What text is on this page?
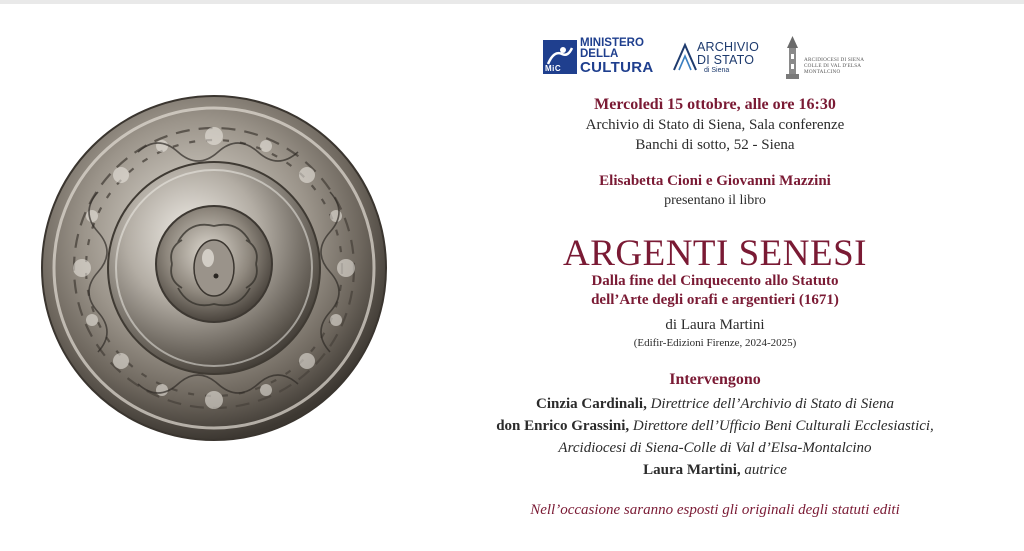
MiC
MINISTERO
DELLA
CULTURA
ARCHIVIO
DI STATO
di Siena
ARCIDIOCESI DI SIENA
COLLE DI VAL D'ELSA
MONTALCINO
Mercoledì 15 ottobre, alle ore 16:30
Archivio di Stato di Siena, Sala conferenze
Banchi di sotto, 52 - Siena
Elisabetta Cioni e Giovanni Mazzini
presentano il libro
ARGENTI SENESI
Dalla fine del Cinquecento allo Statuto
dell’Arte degli orafi e argentieri (1671)
di Laura Martini
(Edifir-Edizioni Firenze, 2024-2025)
Intervengono
Cinzia Cardinali, Direttrice dell’Archivio di Stato di Siena
don Enrico Grassini, Direttore dell’Ufficio Beni Culturali Ecclesiastici,
Arcidiocesi di Siena-Colle di Val d’Elsa-Montalcino
Laura Martini, autrice
Nell’occasione saranno esposti gli originali degli statuti editi
